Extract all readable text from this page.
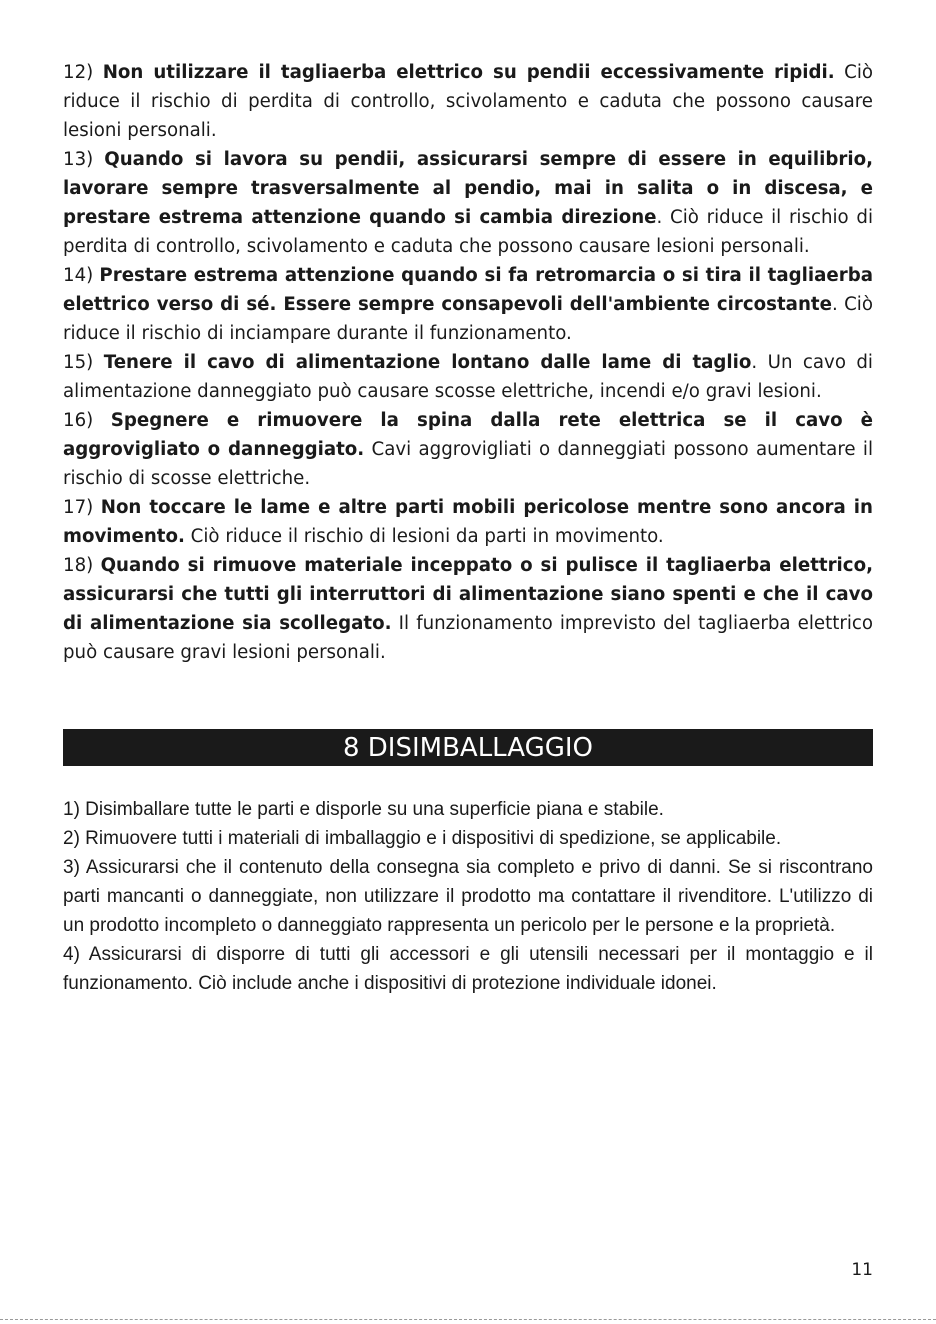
12) Non utilizzare il tagliaerba elettrico su pendii eccessivamente ripidi. Ciò riduce il rischio di perdita di controllo, scivolamento e caduta che possono causare lesioni personali.

13) Quando si lavora su pendii, assicurarsi sempre di essere in equilibrio, lavorare sempre trasversalmente al pendio, mai in salita o in discesa, e prestare estrema attenzione quando si cambia direzione. Ciò riduce il rischio di perdita di controllo, scivolamento e caduta che possono causare lesioni personali.

14) Prestare estrema attenzione quando si fa retromarcia o si tira il tagliaerba elettrico verso di sé. Essere sempre consapevoli dell'ambiente circostante. Ciò riduce il rischio di inciampare durante il funzionamento.

15) Tenere il cavo di alimentazione lontano dalle lame di taglio. Un cavo di alimentazione danneggiato può causare scosse elettriche, incendi e/o gravi lesioni.

16) Spegnere e rimuovere la spina dalla rete elettrica se il cavo è aggrovigliato o danneggiato. Cavi aggrovigliati o danneggiati possono aumentare il rischio di scosse elettriche.

17) Non toccare le lame e altre parti mobili pericolose mentre sono ancora in movimento. Ciò riduce il rischio di lesioni da parti in movimento.

18) Quando si rimuove materiale inceppato o si pulisce il tagliaerba elettrico, assicurarsi che tutti gli interruttori di alimentazione siano spenti e che il cavo di alimentazione sia scollegato. Il funzionamento imprevisto del tagliaerba elettrico può causare gravi lesioni personali.

8 DISIMBALLAGGIO

1) Disimballare tutte le parti e disporle su una superficie piana e stabile.

2) Rimuovere tutti i materiali di imballaggio e i dispositivi di spedizione, se applicabile.

3) Assicurarsi che il contenuto della consegna sia completo e privo di danni. Se si riscontrano parti mancanti o danneggiate, non utilizzare il prodotto ma contattare il rivenditore. L'utilizzo di un prodotto incompleto o danneggiato rappresenta un pericolo per le persone e la proprietà.

4) Assicurarsi di disporre di tutti gli accessori e gli utensili necessari per il montaggio e il funzionamento. Ciò include anche i dispositivi di protezione individuale idonei.

11
